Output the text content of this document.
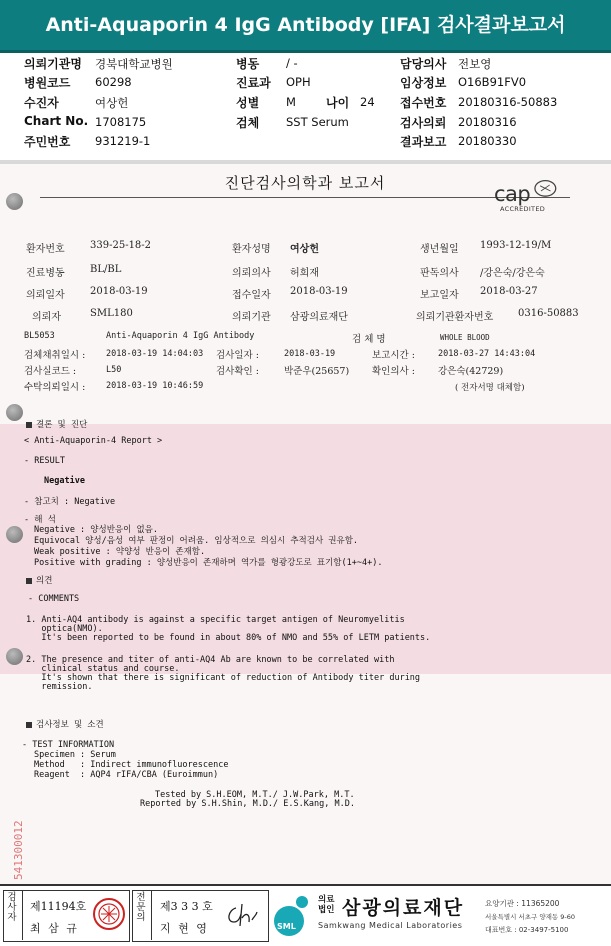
Anti-Aquaporin 4 IgG Antibody [IFA] 검사결과보고서
의뢰기관명 경북대학교병원
병원코드 60298
수진자	여상헌
Chart No. 1708175
주민번호 931219-1
병동 / -
진료과 OPH
성별 M	나이 24
검체 SST Serum
담당의사 전보영
임상정보 O16B91FV0
접수번호 20180316-50883
검사의뢰 20180316
결과보고 20180330
진단검사의학과 보고서	cap
ACCREDITED
환자번호	339-25-18-2	환자성명 여상헌	생년월일 1993-12-19/M
진료병동	BL/BL	의뢰의사 허희재	판독의사 /강은숙/강은숙
의뢰일자	2018-03-19	접수일자 2018-03-19	보고일자 2018-03-27
의뢰자	SML180	의뢰기관 삼광의료재단	의뢰기관환자번호 0316-50883
BL5053	Anti-Aquaporin 4 IgG Antibody	검 체 명	WHOLE BLOOD
검체채취일시 : 2018-03-19 14:04:03 검사일자 :	2018-03-19	보고시간 :	2018-03-27 14:43:04
검사실코드 :	L50	검사확인 :	박준우(25657) 확인의사 : 강은숙(42729)
수탁의뢰일시 : 2018-03-19 10:46:59	( 전자서명 대체함)
결론 및 진단
< Anti-Aquaporin-4 Report >
- RESULT
Negative
- 참고치 : Negative
- 해 석
Negative : 양성반응이 없음.
Equivocal 양성/음성 여부 판정이 어려움. 임상적으로 의심시 추적검사 권유함.
Weak positive : 약양성 반응이 존재함.
Positive with grading : 양성반응이 존재하며 역가를 형광강도로 표기함(1+~4+).
의견
- COMMENTS
1. Anti-AQ4 antibody is against a specific target antigen of Neuromyelitis
optica(NMO).
It's been reported to be found in about 80% of NMO and 55% of LETM patients.
2. The presence and titer of anti-AQ4 Ab are known to be correlated with
clinical status and course.
It's shown that there is significant of reduction of Antibody titer during
remission.
검사정보 및 소견
- TEST INFORMATION
Specimen : Serum
Method   : Indirect immunofluorescence
Reagent  : AQP4 rIFA/CBA (Euroimmun)
Tested by S.H.EOM, M.T./ J.W.Park, M.T.
Reported by S.H.Shin, M.D./ E.S.Kang, M.D.
541300012
검사자
제11194호
최 삼 규
전문의
제3 3 3 호
지 현 영	SML
의료법인 삼광의료재단
Samkwang Medical Laboratories
요양기관 : 11365200
서울특별시 서초구 양재동 9-60
대표번호 : 02-3497-5100
